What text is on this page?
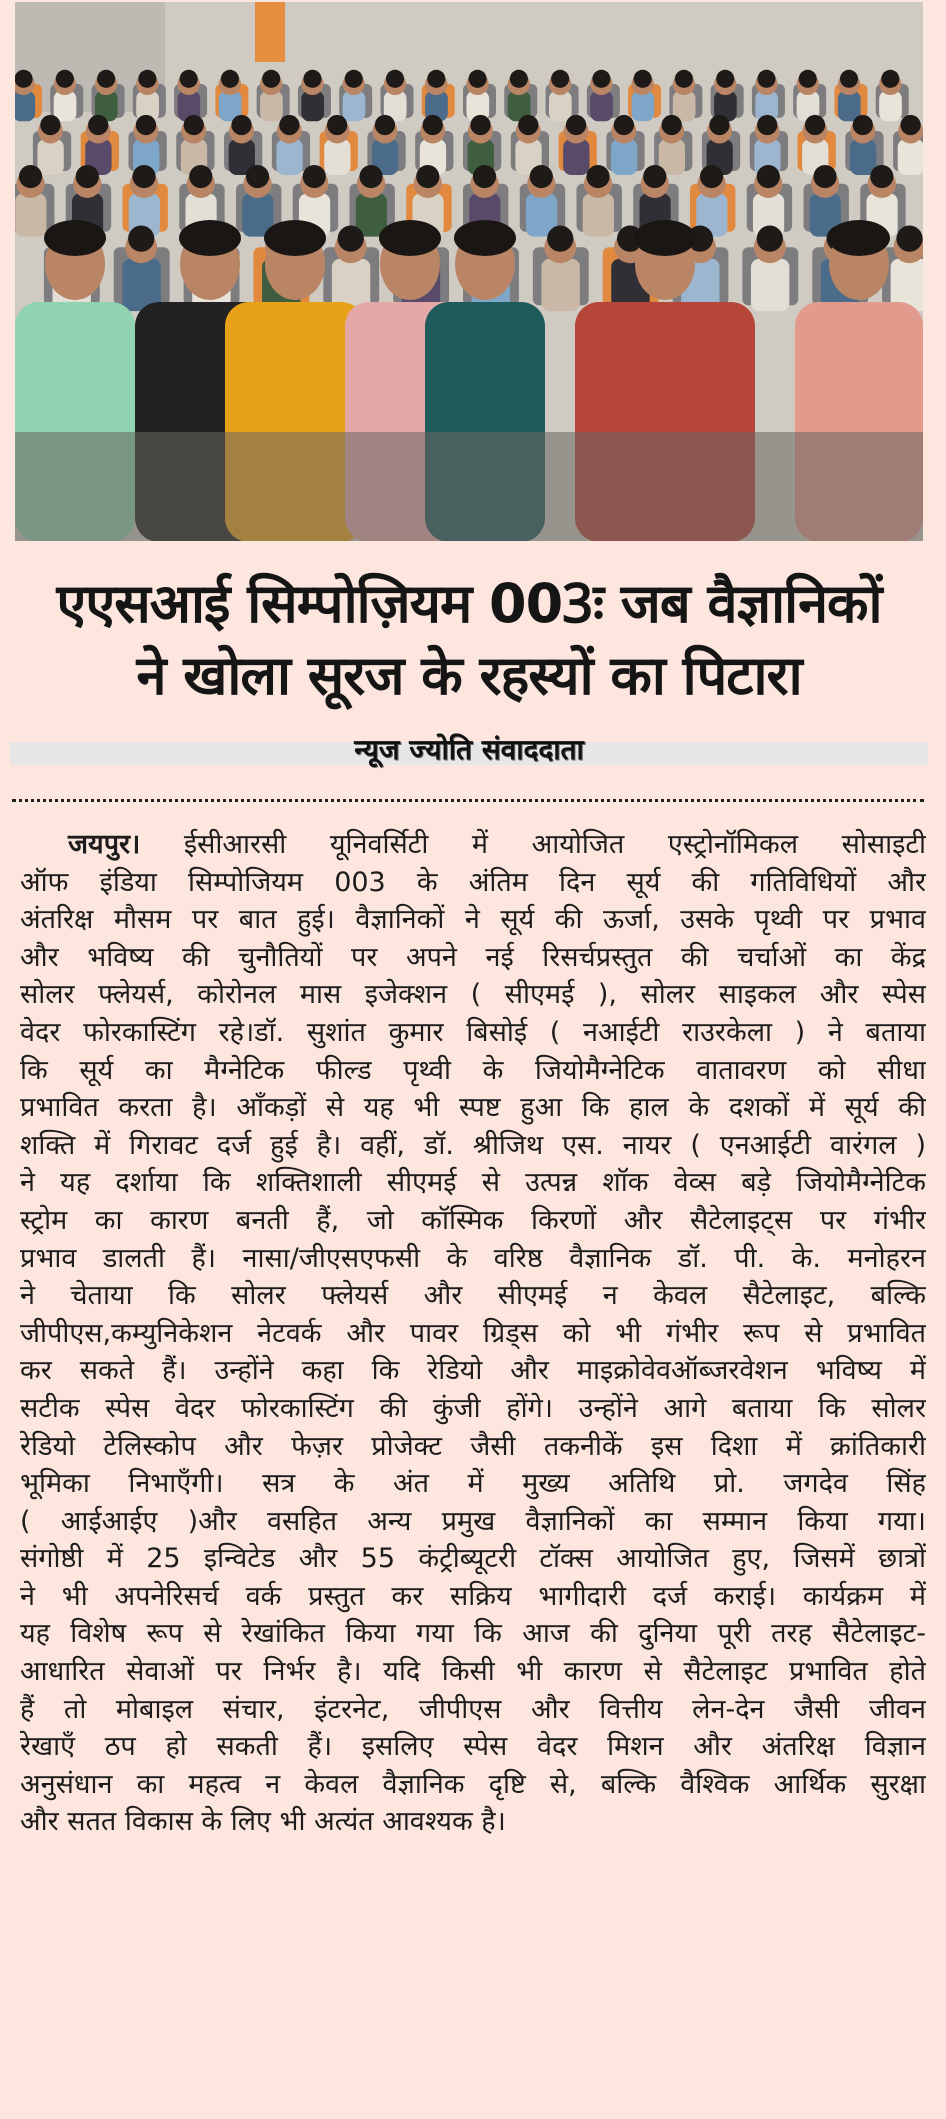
एएसआई सिम्पोज़ियम 003ः जब वैज्ञानिकों
ने खोला सूरज के रहस्यों का पिटारा
न्यूज ज्योति संवाददाता
जयपुर। ईसीआरसी यूनिवर्सिटी में आयोजित एस्ट्रोनॉमिकल सोसाइटी
ऑफ इंडिया सिम्पोजियम 003 के अंतिम दिन सूर्य की गतिविधियों और
अंतरिक्ष मौसम पर बात हुई। वैज्ञानिकों ने सूर्य की ऊर्जा, उसके पृथ्वी पर प्रभाव
और भविष्य की चुनौतियों पर अपने नई रिसर्चप्रस्तुत की चर्चाओं का केंद्र
सोलर फ्लेयर्स, कोरोनल मास इजेक्शन ( सीएमई ), सोलर साइकल और स्पेस
वेदर फोरकास्टिंग रहे।डॉ. सुशांत कुमार बिसोई ( नआईटी राउरकेला ) ने बताया
कि सूर्य का मैग्नेटिक फील्ड पृथ्वी के जियोमैग्नेटिक वातावरण को सीधा
प्रभावित करता है। आँकड़ों से यह भी स्पष्ट हुआ कि हाल के दशकों में सूर्य की
शक्ति में गिरावट दर्ज हुई है। वहीं, डॉ. श्रीजिथ एस. नायर ( एनआईटी वारंगल )
ने यह दर्शाया कि शक्तिशाली सीएमई से उत्पन्न शॉक वेव्स बड़े जियोमैग्नेटिक
स्ट्रोम का कारण बनती हैं, जो कॉस्मिक किरणों और सैटेलाइट्स पर गंभीर
प्रभाव डालती हैं। नासा/जीएसएफसी के वरिष्ठ वैज्ञानिक डॉ. पी. के. मनोहरन
ने चेताया कि सोलर फ्लेयर्स और सीएमई न केवल सैटेलाइट, बल्कि
जीपीएस,कम्युनिकेशन नेटवर्क और पावर ग्रिड्स को भी गंभीर रूप से प्रभावित
कर सकते हैं। उन्होंने कहा कि रेडियो और माइक्रोवेवऑब्जरवेशन भविष्य में
सटीक स्पेस वेदर फोरकास्टिंग की कुंजी होंगे। उन्होंने आगे बताया कि सोलर
रेडियो टेलिस्कोप और फेज़र प्रोजेक्ट जैसी तकनीकें इस दिशा में क्रांतिकारी
भूमिका निभाएँगी। सत्र के अंत में मुख्य अतिथि प्रो. जगदेव सिंह
( आईआईए )और वसहित अन्य प्रमुख वैज्ञानिकों का सम्मान किया गया।
संगोष्ठी में 25 इन्विटेड और 55 कंट्रीब्यूटरी टॉक्स आयोजित हुए, जिसमें छात्रों
ने भी अपनेरिसर्च वर्क प्रस्तुत कर सक्रिय भागीदारी दर्ज कराई। कार्यक्रम में
यह विशेष रूप से रेखांकित किया गया कि आज की दुनिया पूरी तरह सैटेलाइट-
आधारित सेवाओं पर निर्भर है। यदि किसी भी कारण से सैटेलाइट प्रभावित होते
हैं तो मोबाइल संचार, इंटरनेट, जीपीएस और वित्तीय लेन-देन जैसी जीवन
रेखाएँ ठप हो सकती हैं। इसलिए स्पेस वेदर मिशन और अंतरिक्ष विज्ञान
अनुसंधान का महत्व न केवल वैज्ञानिक दृष्टि से, बल्कि वैश्विक आर्थिक सुरक्षा
और सतत विकास के लिए भी अत्यंत आवश्यक है।
